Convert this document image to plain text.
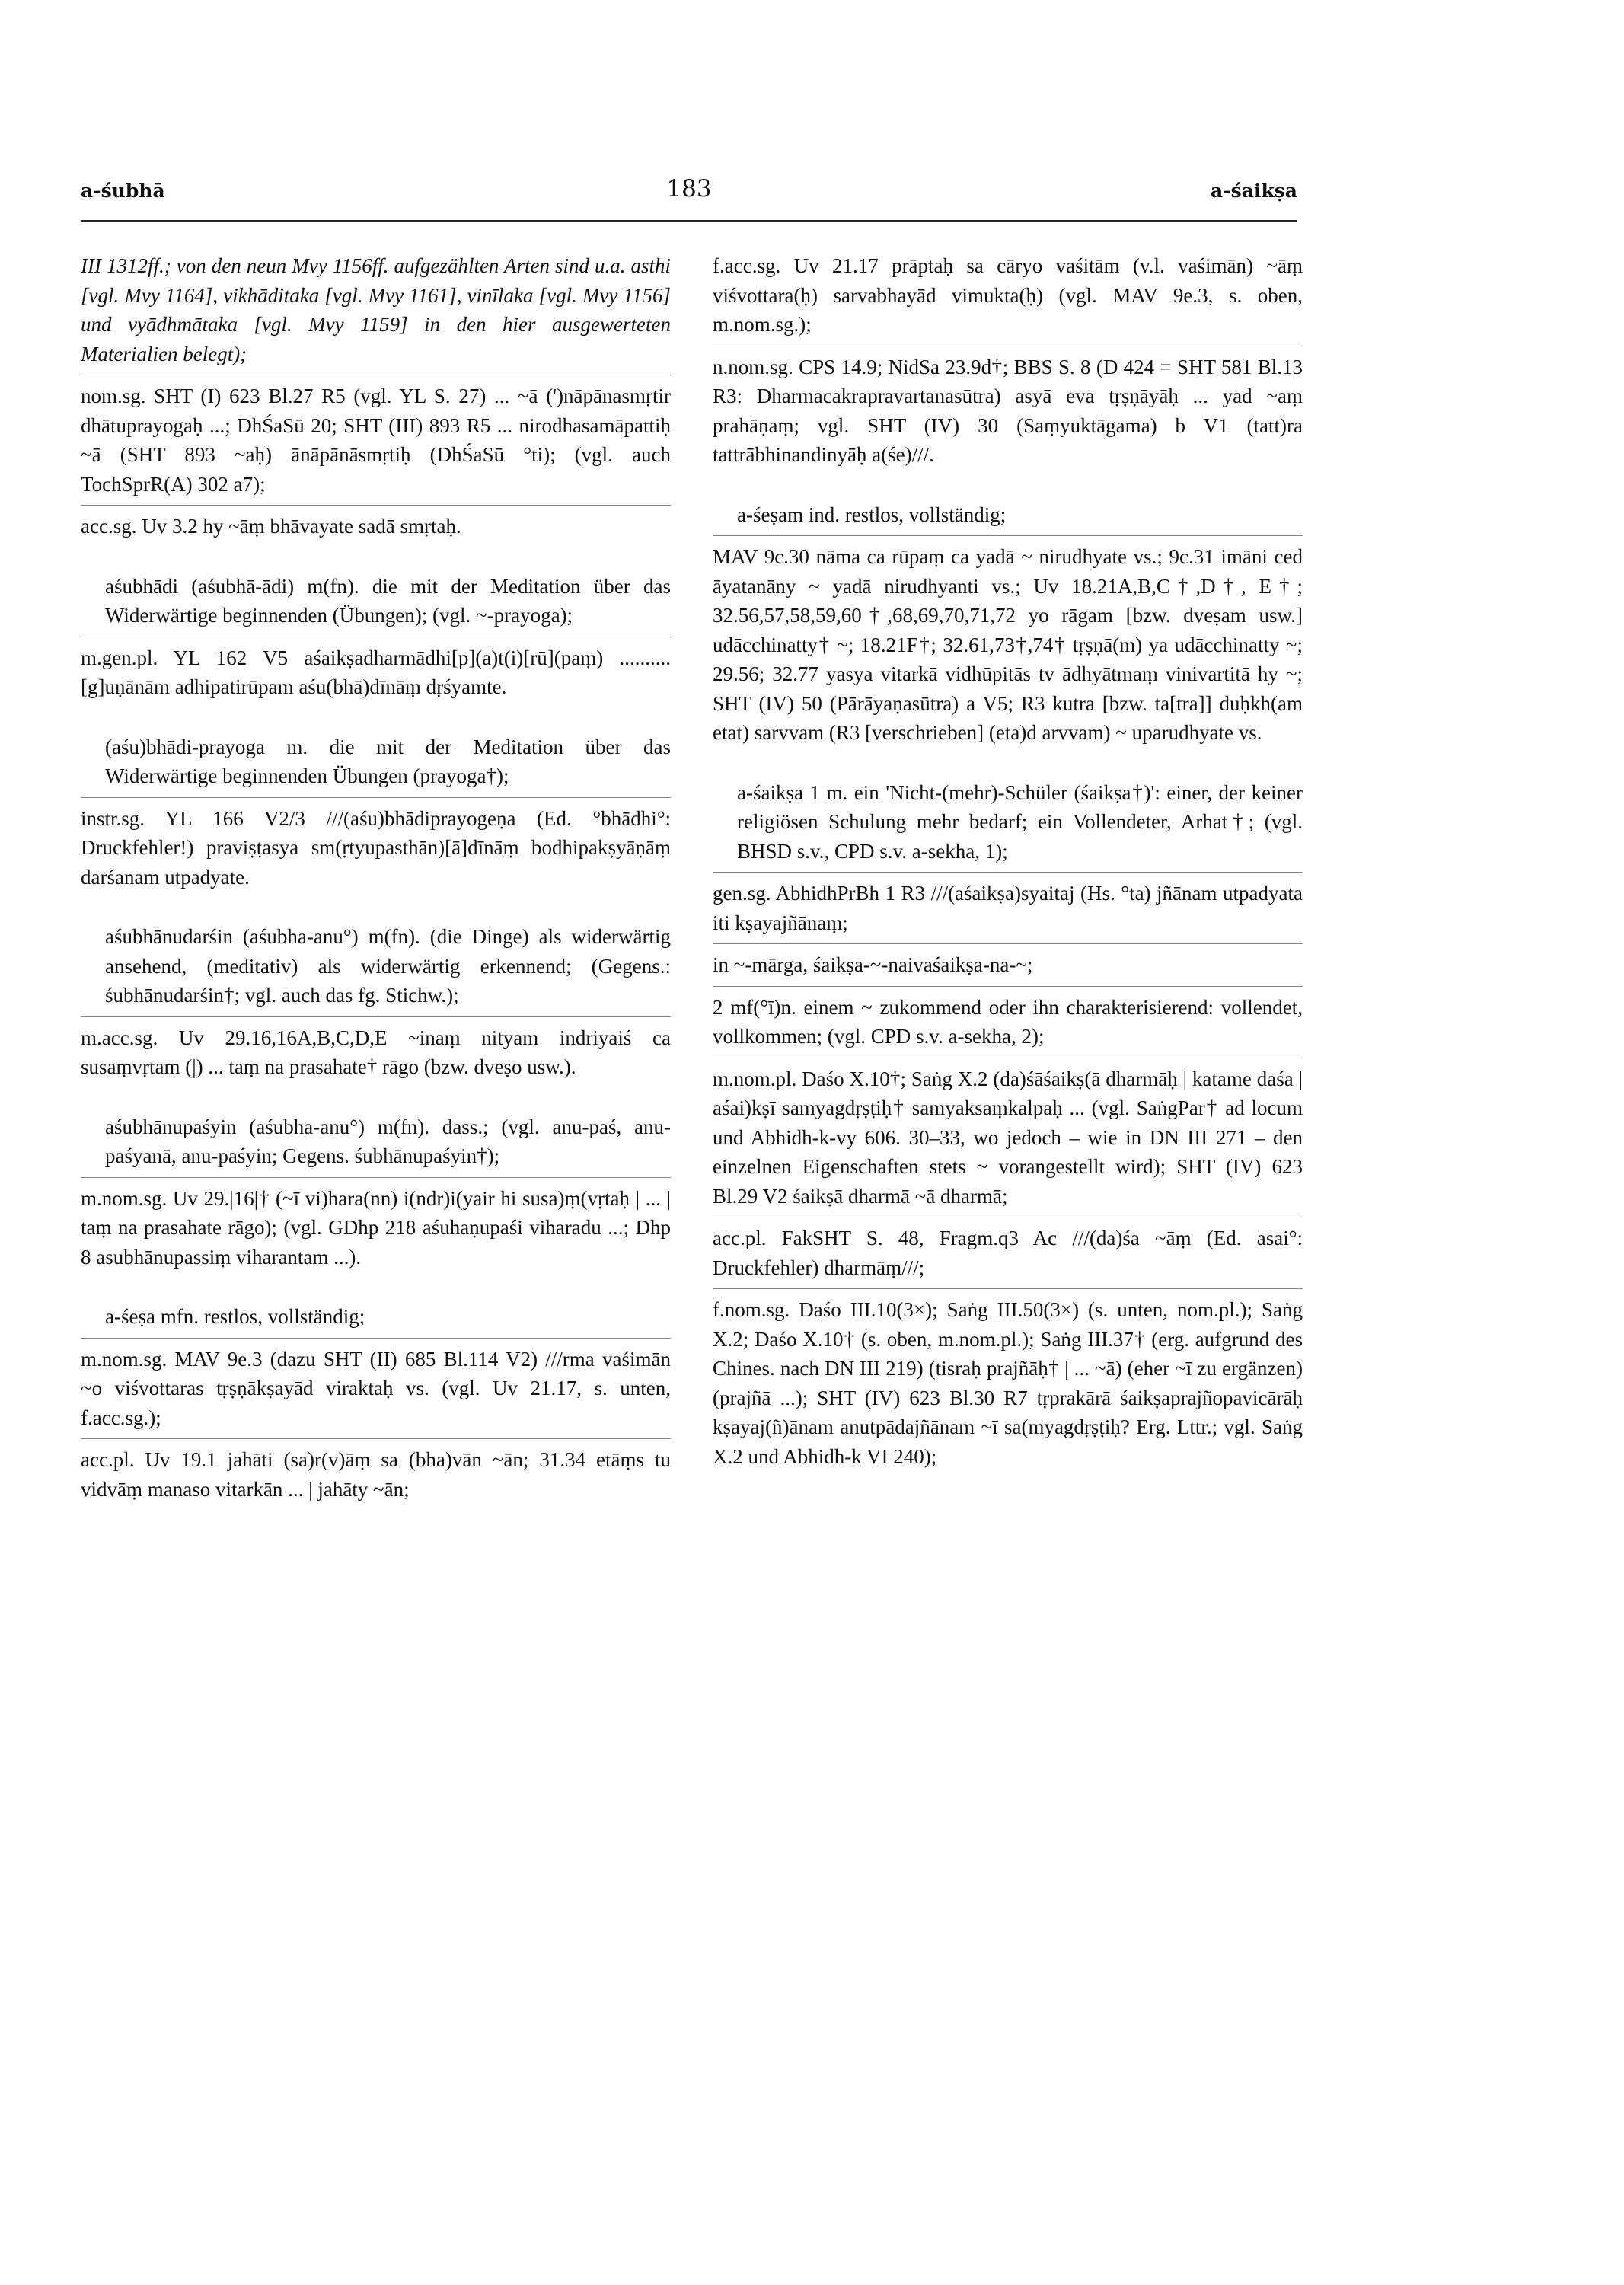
a-śubhā	183	a-śaikṣa

III 1312ff.; von den neun Mvy 1156ff. aufgezählten Arten sind u.a. asthi [vgl. Mvy 1164], vikhāditaka [vgl. Mvy 1161], vinīlaka [vgl. Mvy 1156] und vyādhmātaka [vgl. Mvy 1159] in den hier ausgewerteten Materialien belegt);

nom.sg. SHT (I) 623 Bl.27 R5 (vgl. YL S. 27) ... ~ā (')nāpānasmṛtir dhātuprayogaḥ ...; DhŚaSū 20; SHT (III) 893 R5 ... nirodhasamāpattiḥ ~ā (SHT 893 ~aḥ) ānāpānāsmṛtiḥ (DhŚaSū °ti); (vgl. auch TochSprR(A) 302 a7);

acc.sg. Uv 3.2 hy ~āṃ bhāvayate sadā smṛtaḥ.

aśubhādi (aśubhā-ādi) m(fn). die mit der Meditation über das Widerwärtige beginnenden (Übungen); (vgl. ~-prayoga);

m.gen.pl. YL 162 V5 aśaikṣadharmādhi[p](a)t(i)[rū](paṃ) .......... [g]uṇānām adhipatirūpam aśu(bhā)dīnāṃ dṛśyamte.

(aśu)bhādi-prayoga m. die mit der Meditation über das Widerwärtige beginnenden Übungen (prayoga†);

instr.sg. YL 166 V2/3 ///(aśu)bhādiprayogeṇa (Ed. °bhādhi°: Druckfehler!) praviṣṭasya sm(ṛtyupasthān)[ā]dīnāṃ bodhipakṣyāṇāṃ darśanam utpadyate.

aśubhānudarśin (aśubha-anu°) m(fn). (die Dinge) als widerwärtig ansehend, (meditativ) als widerwärtig erkennend; (Gegens.: śubhānudarśin†; vgl. auch das fg. Stichw.);

m.acc.sg. Uv 29.16,16A,B,C,D,E ~inaṃ nityam indriyaiś ca susaṃvṛtam (|) ... taṃ na prasahate† rāgo (bzw. dveṣo usw.).

aśubhānupaśyin (aśubha-anu°) m(fn). dass.; (vgl. anu-paś, anu-paśyanā, anu-paśyin; Gegens. śubhānupaśyin†);

m.nom.sg. Uv 29.|16|† (~ī vi)hara(nn) i(ndr)i(yair hi susa)ṃ(vṛtaḥ | ... | taṃ na prasahate rāgo); (vgl. GDhp 218 aśuhaṇupaśi viharadu ...; Dhp 8 asubhānupassiṃ viharantam ...).

a-śeṣa mfn. restlos, vollständig;

m.nom.sg. MAV 9e.3 (dazu SHT (II) 685 Bl.114 V2) ///rma vaśimān ~o viśvottaras tṛṣṇākṣayād viraktaḥ vs. (vgl. Uv 21.17, s. unten, f.acc.sg.);

acc.pl. Uv 19.1 jahāti (sa)r(v)āṃ sa (bha)vān ~ān; 31.34 etāṃs tu vidvāṃ manaso vitarkān ... | jahāty ~ān;

f.acc.sg. Uv 21.17 prāptaḥ sa cāryo vaśitām (v.l. vaśimān) ~āṃ viśvottara(ḥ) sarvabhayād vimukta(ḥ) (vgl. MAV 9e.3, s. oben, m.nom.sg.);

n.nom.sg. CPS 14.9; NidSa 23.9d†; BBS S. 8 (D 424 = SHT 581 Bl.13 R3: Dharmacakrapravartanasūtra) asyā eva tṛṣṇāyāḥ ... yad ~aṃ prahāṇaṃ; vgl. SHT (IV) 30 (Saṃyuktāgama) b V1 (tatt)ra tattrābhinandinyāḥ a(śe)///.

a-śeṣam ind. restlos, vollständig;

MAV 9c.30 nāma ca rūpaṃ ca yadā ~ nirudhyate vs.; 9c.31 imāni ced āyatanāny ~ yadā nirudhyanti vs.; Uv 18.21A,B,C†,D†, E†; 32.56,57,58,59,60†,68,69,70,71,72 yo rāgam [bzw. dveṣam usw.] udācchinatty† ~; 18.21F†; 32.61,73†,74† tṛṣṇā(m) ya udācchinatty ~; 29.56; 32.77 yasya vitarkā vidhūpitās tv ādhyātmaṃ vinivartitā hy ~; SHT (IV) 50 (Pārāyaṇasūtra) a V5; R3 kutra [bzw. ta[tra]] duḥkh(am etat) sarvvam (R3 [verschrieben] (eta)d arvvam) ~ uparudhyate vs.

a-śaikṣa 1 m. ein 'Nicht-(mehr)-Schüler (śaikṣa†)': einer, der keiner religiösen Schulung mehr bedarf; ein Vollendeter, Arhat†; (vgl. BHSD s.v., CPD s.v. a-sekha, 1);

gen.sg. AbhidhPrBh 1 R3 ///(aśaikṣa)syaitaj (Hs. °ta) jñānam utpadyata iti kṣayajñānaṃ;

in ~-mārga, śaikṣa-~-naivaśaikṣa-na-~;

2 mf(°ī)n. einem ~ zukommend oder ihn charakterisierend: vollendet, vollkommen; (vgl. CPD s.v. a-sekha, 2);

m.nom.pl. Daśo X.10†; Saṅg X.2 (da)śāśaikṣ(ā dharmāḥ | katame daśa | aśai)kṣī samyagdṛṣṭiḥ† samyaksaṃkalpaḥ ... (vgl. SaṅgPar† ad locum und Abhidh-k-vy 606. 30–33, wo jedoch – wie in DN III 271 – den einzelnen Eigenschaften stets ~ vorangestellt wird); SHT (IV) 623 Bl.29 V2 śaikṣā dharmā ~ā dharmā;

acc.pl. FakSHT S. 48, Fragm.q3 Ac ///(da)śa ~āṃ (Ed. asai°: Druckfehler) dharmāṃ///;

f.nom.sg. Daśo III.10(3×); Saṅg III.50(3×) (s. unten, nom.pl.); Saṅg X.2; Daśo X.10† (s. oben, m.nom.pl.); Saṅg III.37† (erg. aufgrund des Chines. nach DN III 219) (tisraḥ prajñāḥ† | ... ~ā) (eher ~ī zu ergänzen) (prajñā ...); SHT (IV) 623 Bl.30 R7 tṛprakārā śaikṣaprajñopavicārāḥ kṣayaj(ñ)ānam anutpādajñānam ~ī sa(myagdṛṣṭiḥ? Erg. Lttr.; vgl. Saṅg X.2 und Abhidh-k VI 240);
